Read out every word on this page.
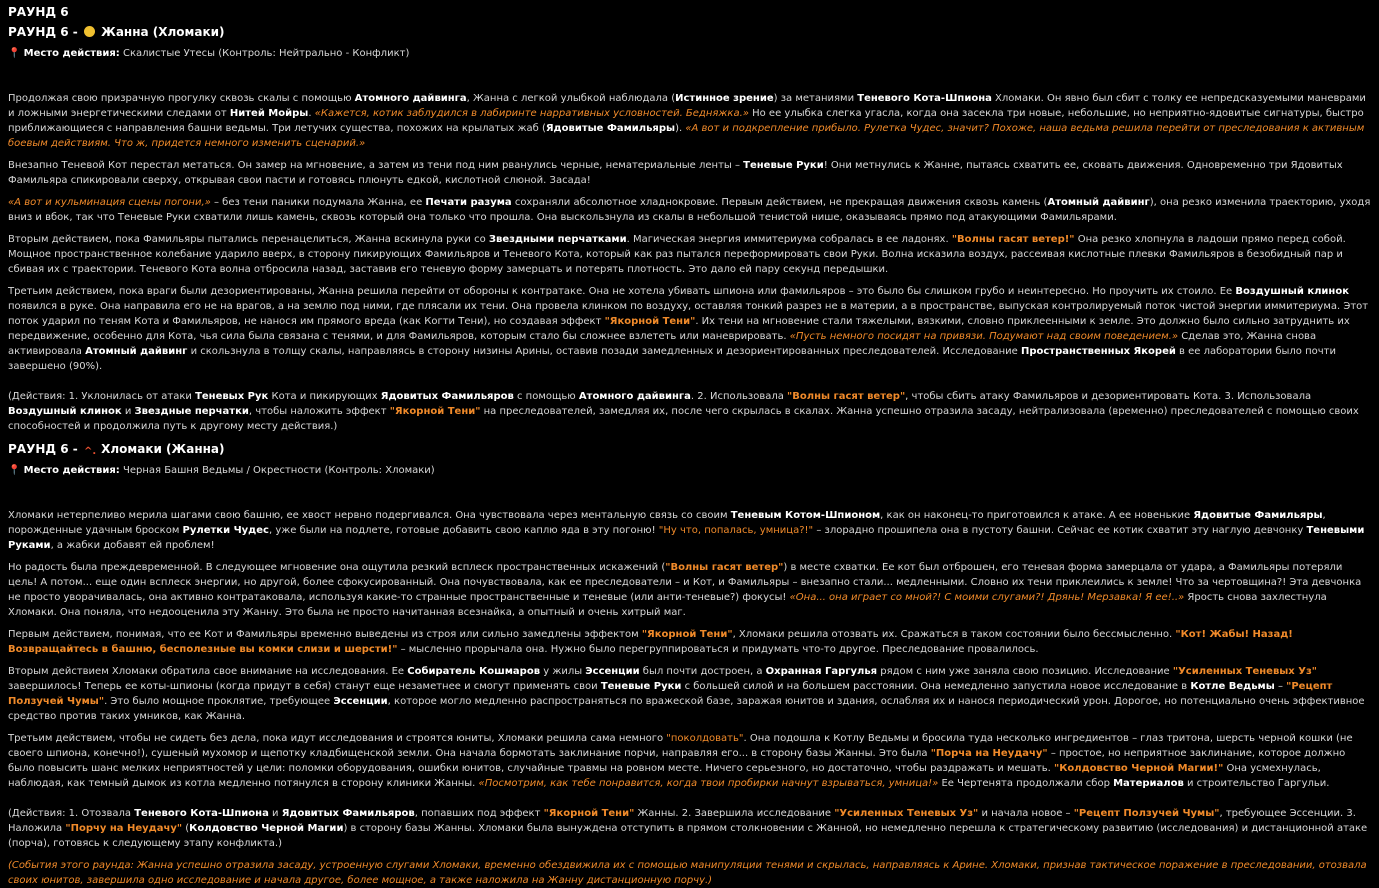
РАУНД 6
РАУНД 6 - Жанна (Хломаки)
📍 Место действия: Скалистые Утесы (Контроль: Нейтрально - Конфликт)

Продолжая свою призрачную прогулку сквозь скалы с помощью Атомного дайвинга, Жанна с легкой улыбкой наблюдала (Истинное зрение) за метаниями Теневого Кота-Шпиона Хломаки. Он явно был сбит с толку ее непредсказуемыми маневрами и ложными энергетическими следами от Нитей Мойры. «Кажется, котик заблудился в лабиринте нарративных условностей. Бедняжка.» Но ее улыбка слегка угасла, когда она засекла три новые, небольшие, но неприятно-ядовитые сигнатуры, быстро приближающиеся с направления башни ведьмы. Три летучих существа, похожих на крылатых жаб (Ядовитые Фамильяры). «А вот и подкрепление прибыло. Рулетка Чудес, значит? Похоже, наша ведьма решила перейти от преследования к активным боевым действиям. Что ж, придется немного изменить сценарий.»

Внезапно Теневой Кот перестал метаться. Он замер на мгновение, а затем из тени под ним рванулись черные, нематериальные ленты – Теневые Руки! Они метнулись к Жанне, пытаясь схватить ее, сковать движения. Одновременно три Ядовитых Фамильяра спикировали сверху, открывая свои пасти и готовясь плюнуть едкой, кислотной слюной. Засада!

«А вот и кульминация сцены погони,» – без тени паники подумала Жанна, ее Печати разума сохраняли абсолютное хладнокровие. Первым действием, не прекращая движения сквозь камень (Атомный дайвинг), она резко изменила траекторию, уходя вниз и вбок, так что Теневые Руки схватили лишь камень, сквозь который она только что прошла. Она выскользнула из скалы в небольшой тенистой нише, оказываясь прямо под атакующими Фамильярами.

Вторым действием, пока Фамильяры пытались перенацелиться, Жанна вскинула руки со Звездными перчатками. Магическая энергия иммитериума собралась в ее ладонях. "Волны гасят ветер!" Она резко хлопнула в ладоши прямо перед собой. Мощное пространственное колебание ударило вверх, в сторону пикирующих Фамильяров и Теневого Кота, который как раз пытался переформировать свои Руки. Волна исказила воздух, рассеивая кислотные плевки Фамильяров в безобидный пар и сбивая их с траектории. Теневого Кота волна отбросила назад, заставив его теневую форму замерцать и потерять плотность. Это дало ей пару секунд передышки.

Третьим действием, пока враги были дезориентированы, Жанна решила перейти от обороны к контратаке. Она не хотела убивать шпиона или фамильяров – это было бы слишком грубо и неинтересно. Но проучить их стоило. Ее Воздушный клинок появился в руке. Она направила его не на врагов, а на землю под ними, где плясали их тени. Она провела клинком по воздуху, оставляя тонкий разрез не в материи, а в пространстве, выпуская контролируемый поток чистой энергии иммитериума. Этот поток ударил по теням Кота и Фамильяров, не нанося им прямого вреда (как Когти Тени), но создавая эффект "Якорной Тени". Их тени на мгновение стали тяжелыми, вязкими, словно приклеенными к земле. Это должно было сильно затруднить их передвижение, особенно для Кота, чья сила была связана с тенями, и для Фамильяров, которым стало бы сложнее взлететь или маневрировать. «Пусть немного посидят на привязи. Подумают над своим поведением.» Сделав это, Жанна снова активировала Атомный дайвинг и скользнула в толщу скалы, направляясь в сторону низины Арины, оставив позади замедленных и дезориентированных преследователей. Исследование Пространственных Якорей в ее лаборатории было почти завершено (90%).

(Действия: 1. Уклонилась от атаки Теневых Рук Кота и пикирующих Ядовитых Фамильяров с помощью Атомного дайвинга. 2. Использовала "Волны гасят ветер", чтобы сбить атаку Фамильяров и дезориентировать Кота. 3. Использовала Воздушный клинок и Звездные перчатки, чтобы наложить эффект "Якорной Тени" на преследователей, замедляя их, после чего скрылась в скалах. Жанна успешно отразила засаду, нейтрализовала (временно) преследователей с помощью своих способностей и продолжила путь к другому месту действия.)

РАУНД 6 - ^. Хломаки (Жанна)
📍 Место действия: Черная Башня Ведьмы / Окрестности (Контроль: Хломаки)

Хломаки нетерпеливо мерила шагами свою башню, ее хвост нервно подергивался. Она чувствовала через ментальную связь со своим Теневым Котом-Шпионом, как он наконец-то приготовился к атаке. А ее новенькие Ядовитые Фамильяры, порожденные удачным броском Рулетки Чудес, уже были на подлете, готовые добавить свою каплю яда в эту погоню! "Ну что, попалась, умница?!" – злорадно прошипела она в пустоту башни. Сейчас ее котик схватит эту наглую девчонку Теневыми Руками, а жабки добавят ей проблем!

Но радость была преждевременной. В следующее мгновение она ощутила резкий всплеск пространственных искажений ("Волны гасят ветер") в месте схватки. Ее кот был отброшен, его теневая форма замерцала от удара, а Фамильяры потеряли цель! А потом... еще один всплеск энергии, но другой, более сфокусированный. Она почувствовала, как ее преследователи – и Кот, и Фамильяры – внезапно стали... медленными. Словно их тени приклеились к земле! Что за чертовщина?! Эта девчонка не просто уворачивалась, она активно контратаковала, используя какие-то странные пространственные и теневые (или анти-теневые?) фокусы! «Она... она играет со мной?! С моими слугами?! Дрянь! Мерзавка! Я ее!..» Ярость снова захлестнула Хломаки. Она поняла, что недооценила эту Жанну. Это была не просто начитанная всезнайка, а опытный и очень хитрый маг.

Первым действием, понимая, что ее Кот и Фамильяры временно выведены из строя или сильно замедлены эффектом "Якорной Тени", Хломаки решила отозвать их. Сражаться в таком состоянии было бессмысленно. "Кот! Жабы! Назад! Возвращайтесь в башню, бесполезные вы комки слизи и шерсти!" – мысленно прорычала она. Нужно было перегруппироваться и придумать что-то другое. Преследование провалилось.

Вторым действием Хломаки обратила свое внимание на исследования. Ее Собиратель Кошмаров у жилы Эссенции был почти достроен, а Охранная Гаргулья рядом с ним уже заняла свою позицию. Исследование "Усиленных Теневых Уз" завершилось! Теперь ее коты-шпионы (когда придут в себя) станут еще незаметнее и смогут применять свои Теневые Руки с большей силой и на большем расстоянии. Она немедленно запустила новое исследование в Котле Ведьмы – "Рецепт Ползучей Чумы". Это было мощное проклятие, требующее Эссенции, которое могло медленно распространяться по вражеской базе, заражая юнитов и здания, ослабляя их и нанося периодический урон. Дорогое, но потенциально очень эффективное средство против таких умников, как Жанна.

Третьим действием, чтобы не сидеть без дела, пока идут исследования и строятся юниты, Хломаки решила сама немного "поколдовать". Она подошла к Котлу Ведьмы и бросила туда несколько ингредиентов – глаз тритона, шерсть черной кошки (не своего шпиона, конечно!), сушеный мухомор и щепотку кладбищенской земли. Она начала бормотать заклинание порчи, направляя его... в сторону базы Жанны. Это была "Порча на Неудачу" – простое, но неприятное заклинание, которое должно было повысить шанс мелких неприятностей у цели: поломки оборудования, ошибки юнитов, случайные травмы на ровном месте. Ничего серьезного, но достаточно, чтобы раздражать и мешать. "Колдовство Черной Магии!" Она усмехнулась, наблюдая, как темный дымок из котла медленно потянулся в сторону клиники Жанны. «Посмотрим, как тебе понравится, когда твои пробирки начнут взрываться, умница!» Ее Чертенята продолжали сбор Материалов и строительство Гаргульи.

(Действия: 1. Отозвала Теневого Кота-Шпиона и Ядовитых Фамильяров, попавших под эффект "Якорной Тени" Жанны. 2. Завершила исследование "Усиленных Теневых Уз" и начала новое – "Рецепт Ползучей Чумы", требующее Эссенции. 3. Наложила "Порчу на Неудачу" (Колдовство Черной Магии) в сторону базы Жанны. Хломаки была вынуждена отступить в прямом столкновении с Жанной, но немедленно перешла к стратегическому развитию (исследования) и дистанционной атаке (порча), готовясь к следующему этапу конфликта.)

(События этого раунда: Жанна успешно отразила засаду, устроенную слугами Хломаки, временно обездвижила их с помощью манипуляции тенями и скрылась, направляясь к Арине. Хломаки, признав тактическое поражение в преследовании, отозвала своих юнитов, завершила одно исследование и начала другое, более мощное, а также наложила на Жанну дистанционную порчу.)
